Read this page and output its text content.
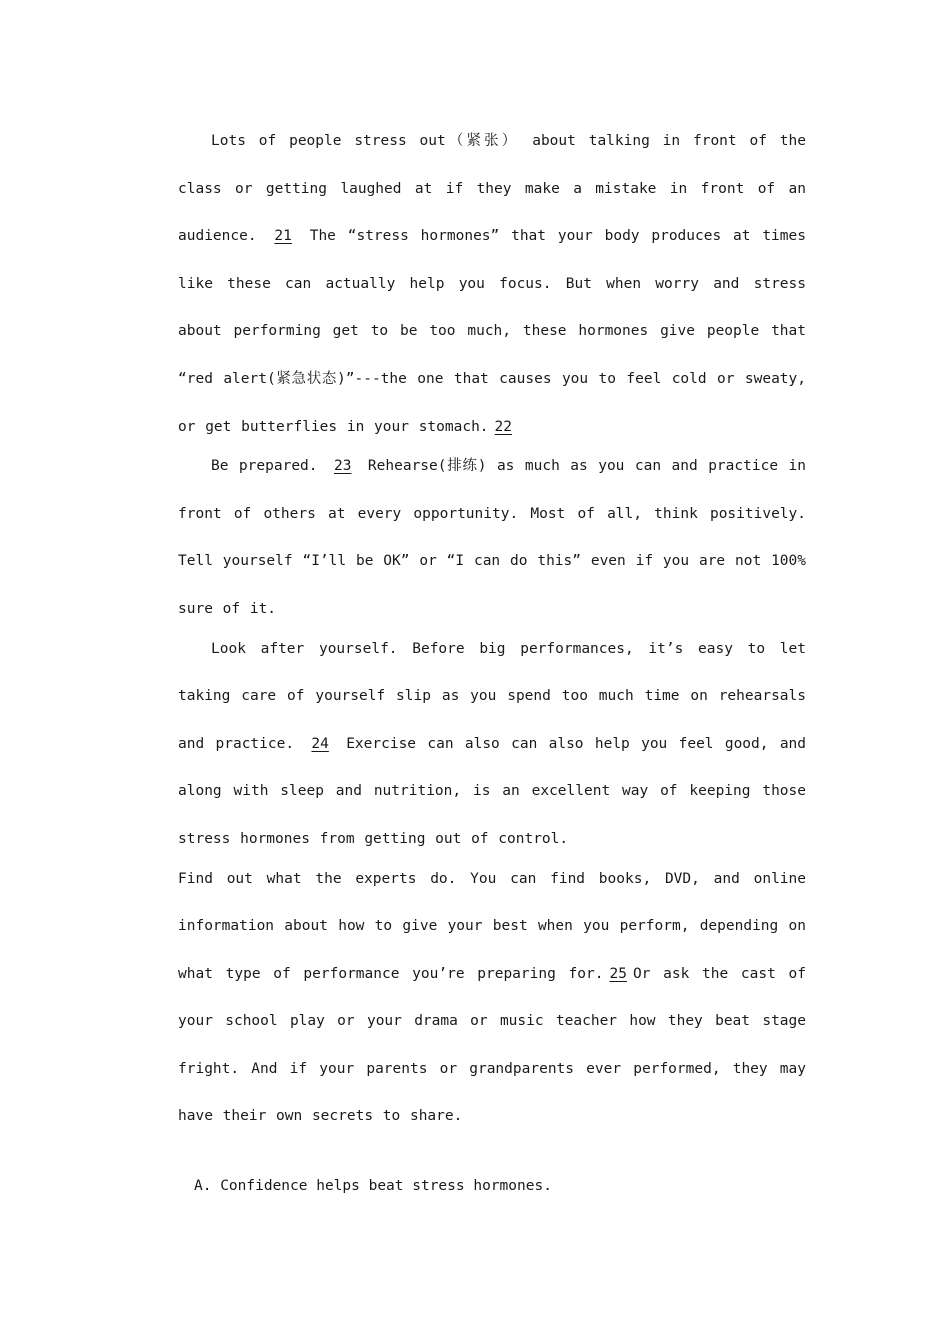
Lots of people stress out（紧张） about talking in front of the class or getting laughed at if they make a mistake in front of an audience. 21 The “stress hormones” that your body produces at times like these can actually help you focus. But when worry and stress about performing get to be too much, these hormones give people that “red alert(紧急状态)”---the one that causes you to feel cold or sweaty, or get butterflies in your stomach. 22

Be prepared. 23 Rehearse(排练) as much as you can and practice in front of others at every opportunity. Most of all, think positively. Tell yourself “I’ll be OK” or “I can do this” even if you are not 100% sure of it.

Look after yourself. Before big performances, it’s easy to let taking care of yourself slip as you spend too much time on rehearsals and practice. 24 Exercise can also can also help you feel good, and along with sleep and nutrition, is an excellent way of keeping those stress hormones from getting out of control.

Find out what the experts do. You can find books, DVD, and online information about how to give your best when you perform, depending on what type of performance you’re preparing for. 25 Or ask the cast of your school play or your drama or music teacher how they beat stage fright. And if your parents or grandparents ever performed, they may have their own secrets to share.

A. Confidence helps beat stress hormones.
